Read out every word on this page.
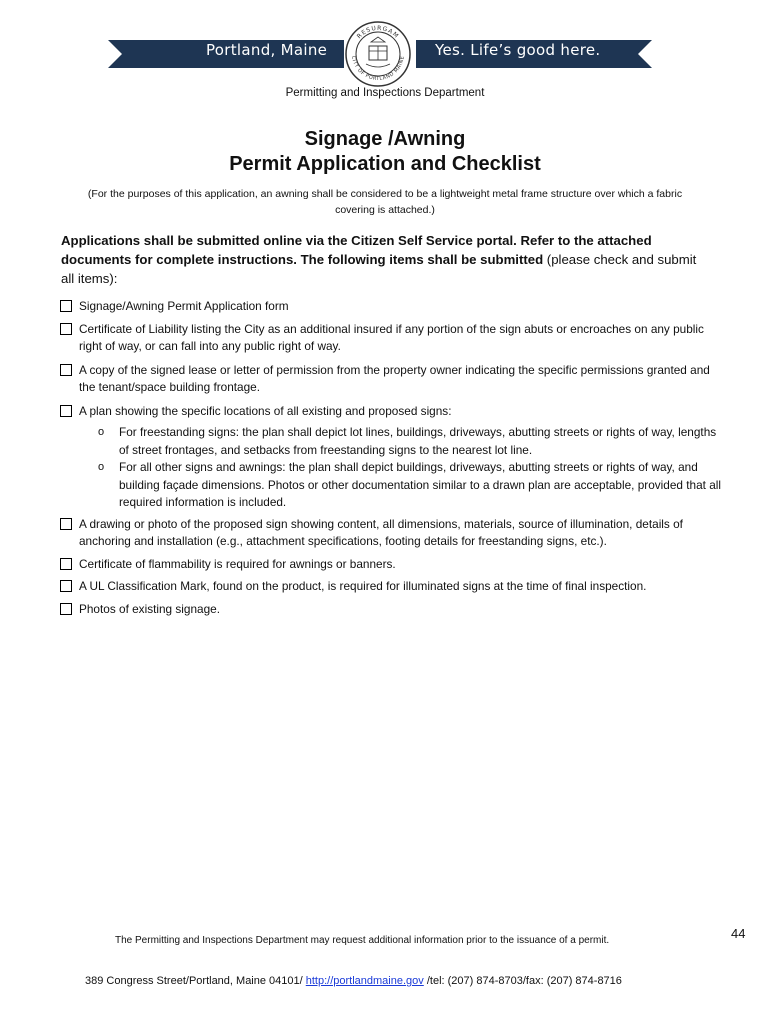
Portland, Maine	Yes. Life’s good here.
RESURGAM
CITY OF PORTLAND MAINE
Permitting and Inspections Department
Signage /Awning
Permit Application and Checklist
(For the purposes of this application, an awning shall be considered to be a lightweight metal frame structure over which a fabric covering is attached.)
Applications shall be submitted online via the Citizen Self Service portal. Refer to the attached documents for complete instructions. The following items shall be submitted (please check and submit all items):
Signage/Awning Permit Application form
Certificate of Liability listing the City as an additional insured if any portion of the sign abuts or encroaches on any public right of way, or can fall into any public right of way.
A copy of the signed lease or letter of permission from the property owner indicating the specific permissions granted and the tenant/space building frontage.
A plan showing the specific locations of all existing and proposed signs:
o For freestanding signs: the plan shall depict lot lines, buildings, driveways, abutting streets or rights of way, lengths of street frontages, and setbacks from freestanding signs to the nearest lot line.
o For all other signs and awnings: the plan shall depict buildings, driveways, abutting streets or rights of way, and building façade dimensions. Photos or other documentation similar to a drawn plan are acceptable, provided that all required information is included.
A drawing or photo of the proposed sign showing content, all dimensions, materials, source of illumination, details of anchoring and installation (e.g., attachment specifications, footing details for freestanding signs, etc.).
Certificate of flammability is required for awnings or banners.
A UL Classification Mark, found on the product, is required for illuminated signs at the time of final inspection.
Photos of existing signage.
The Permitting and Inspections Department may request additional information prior to the issuance of a permit.	44
389 Congress Street/Portland, Maine 04101/ http://portlandmaine.gov /tel: (207) 874-8703/fax: (207) 874-8716
